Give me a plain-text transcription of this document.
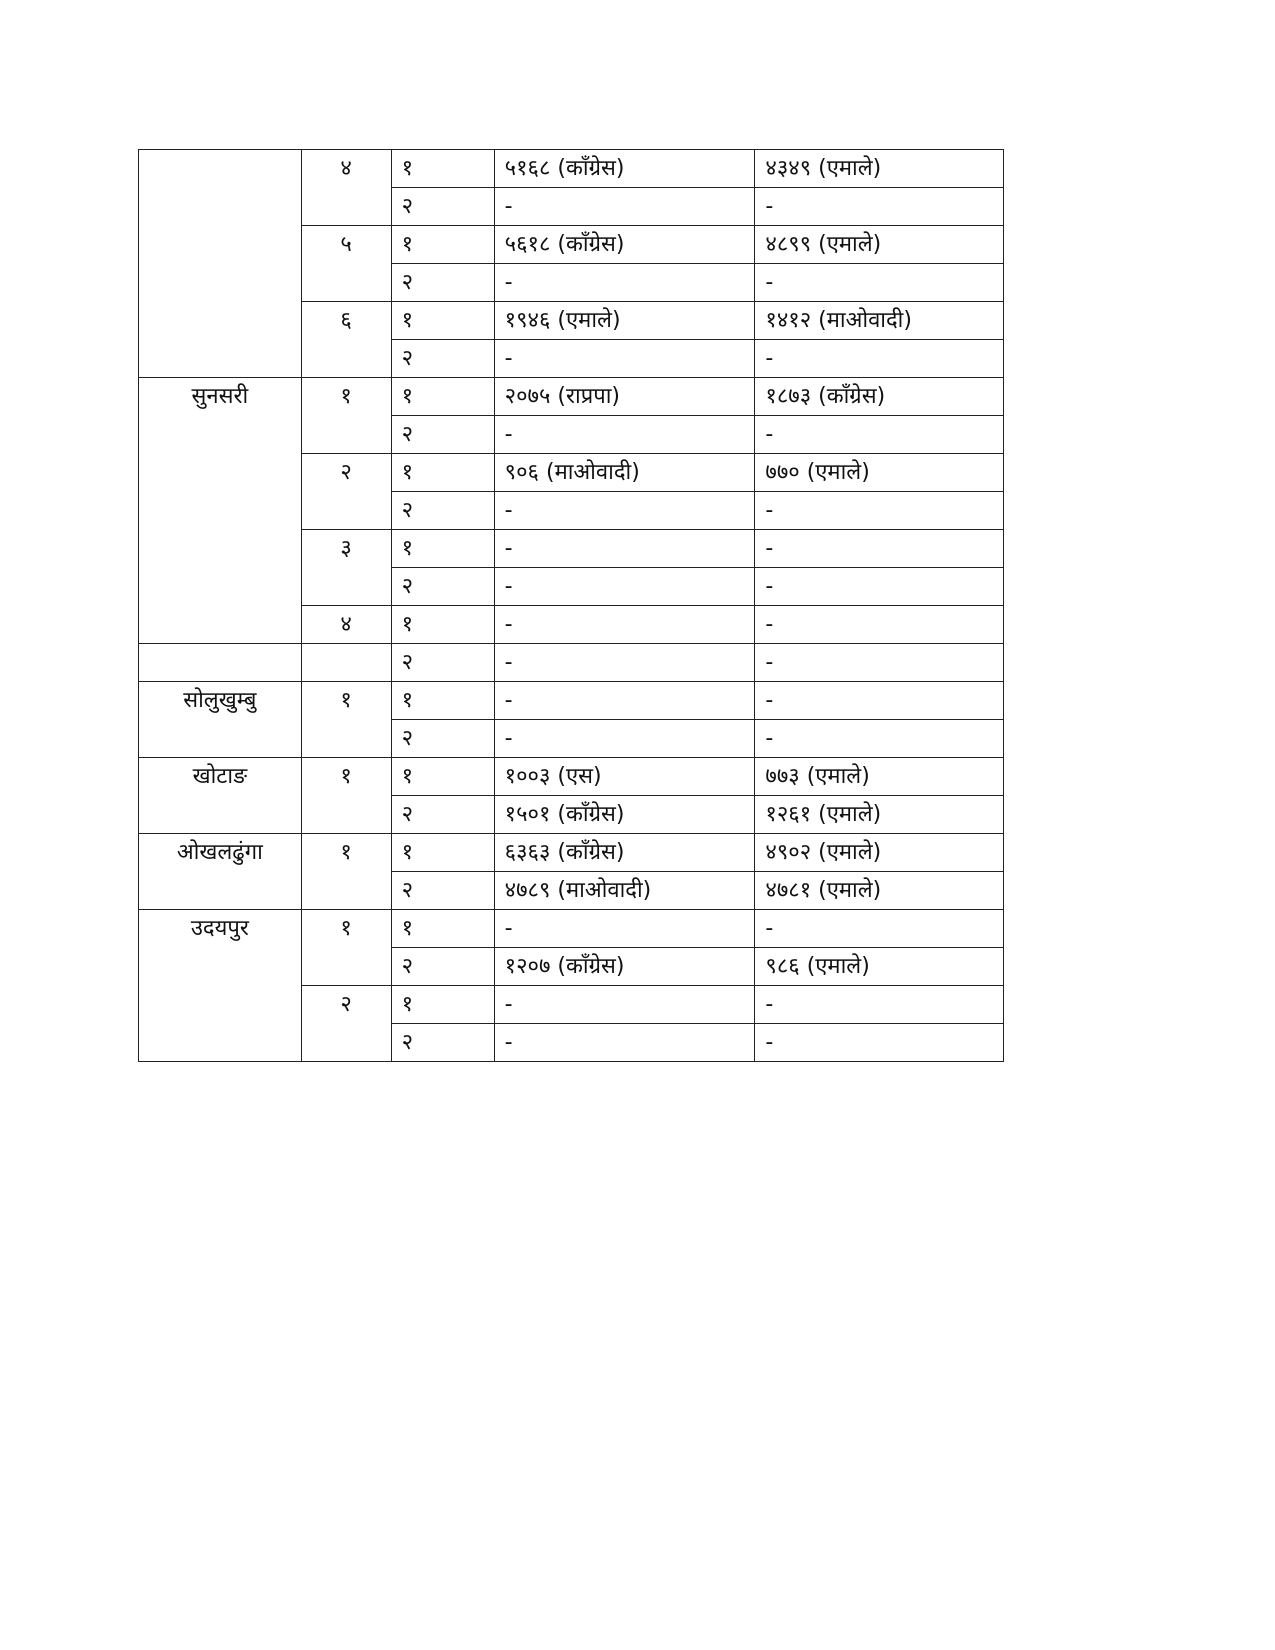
	४	१	५१६८ (काँग्रेस)	४३४९ (एमाले)
		२	-	-
	५	१	५६१८ (काँग्रेस)	४८९९ (एमाले)
		२	-	-
	६	१	१९४६ (एमाले)	१४१२ (माओवादी)
		२	-	-
सुनसरी	१	१	२०७५ (राप्रपा)	१८७३ (काँग्रेस)
		२	-	-
	२	१	९०६ (माओवादी)	७७० (एमाले)
		२	-	-
	३	१	-	-
		२	-	-
	४	१	-	-
		२	-	-
सोलुखुम्बु	१	१	-	-
		२	-	-
खोटाङ	१	१	१००३ (एस)	७७३ (एमाले)
		२	१५०१ (काँग्रेस)	१२६१ (एमाले)
ओखलढुंगा	१	१	६३६३ (काँग्रेस)	४९०२ (एमाले)
		२	४७८९ (माओवादी)	४७८१ (एमाले)
उदयपुर	१	१	-	-
		२	१२०७ (काँग्रेस)	९८६ (एमाले)
	२	१	-	-
		२	-	-
